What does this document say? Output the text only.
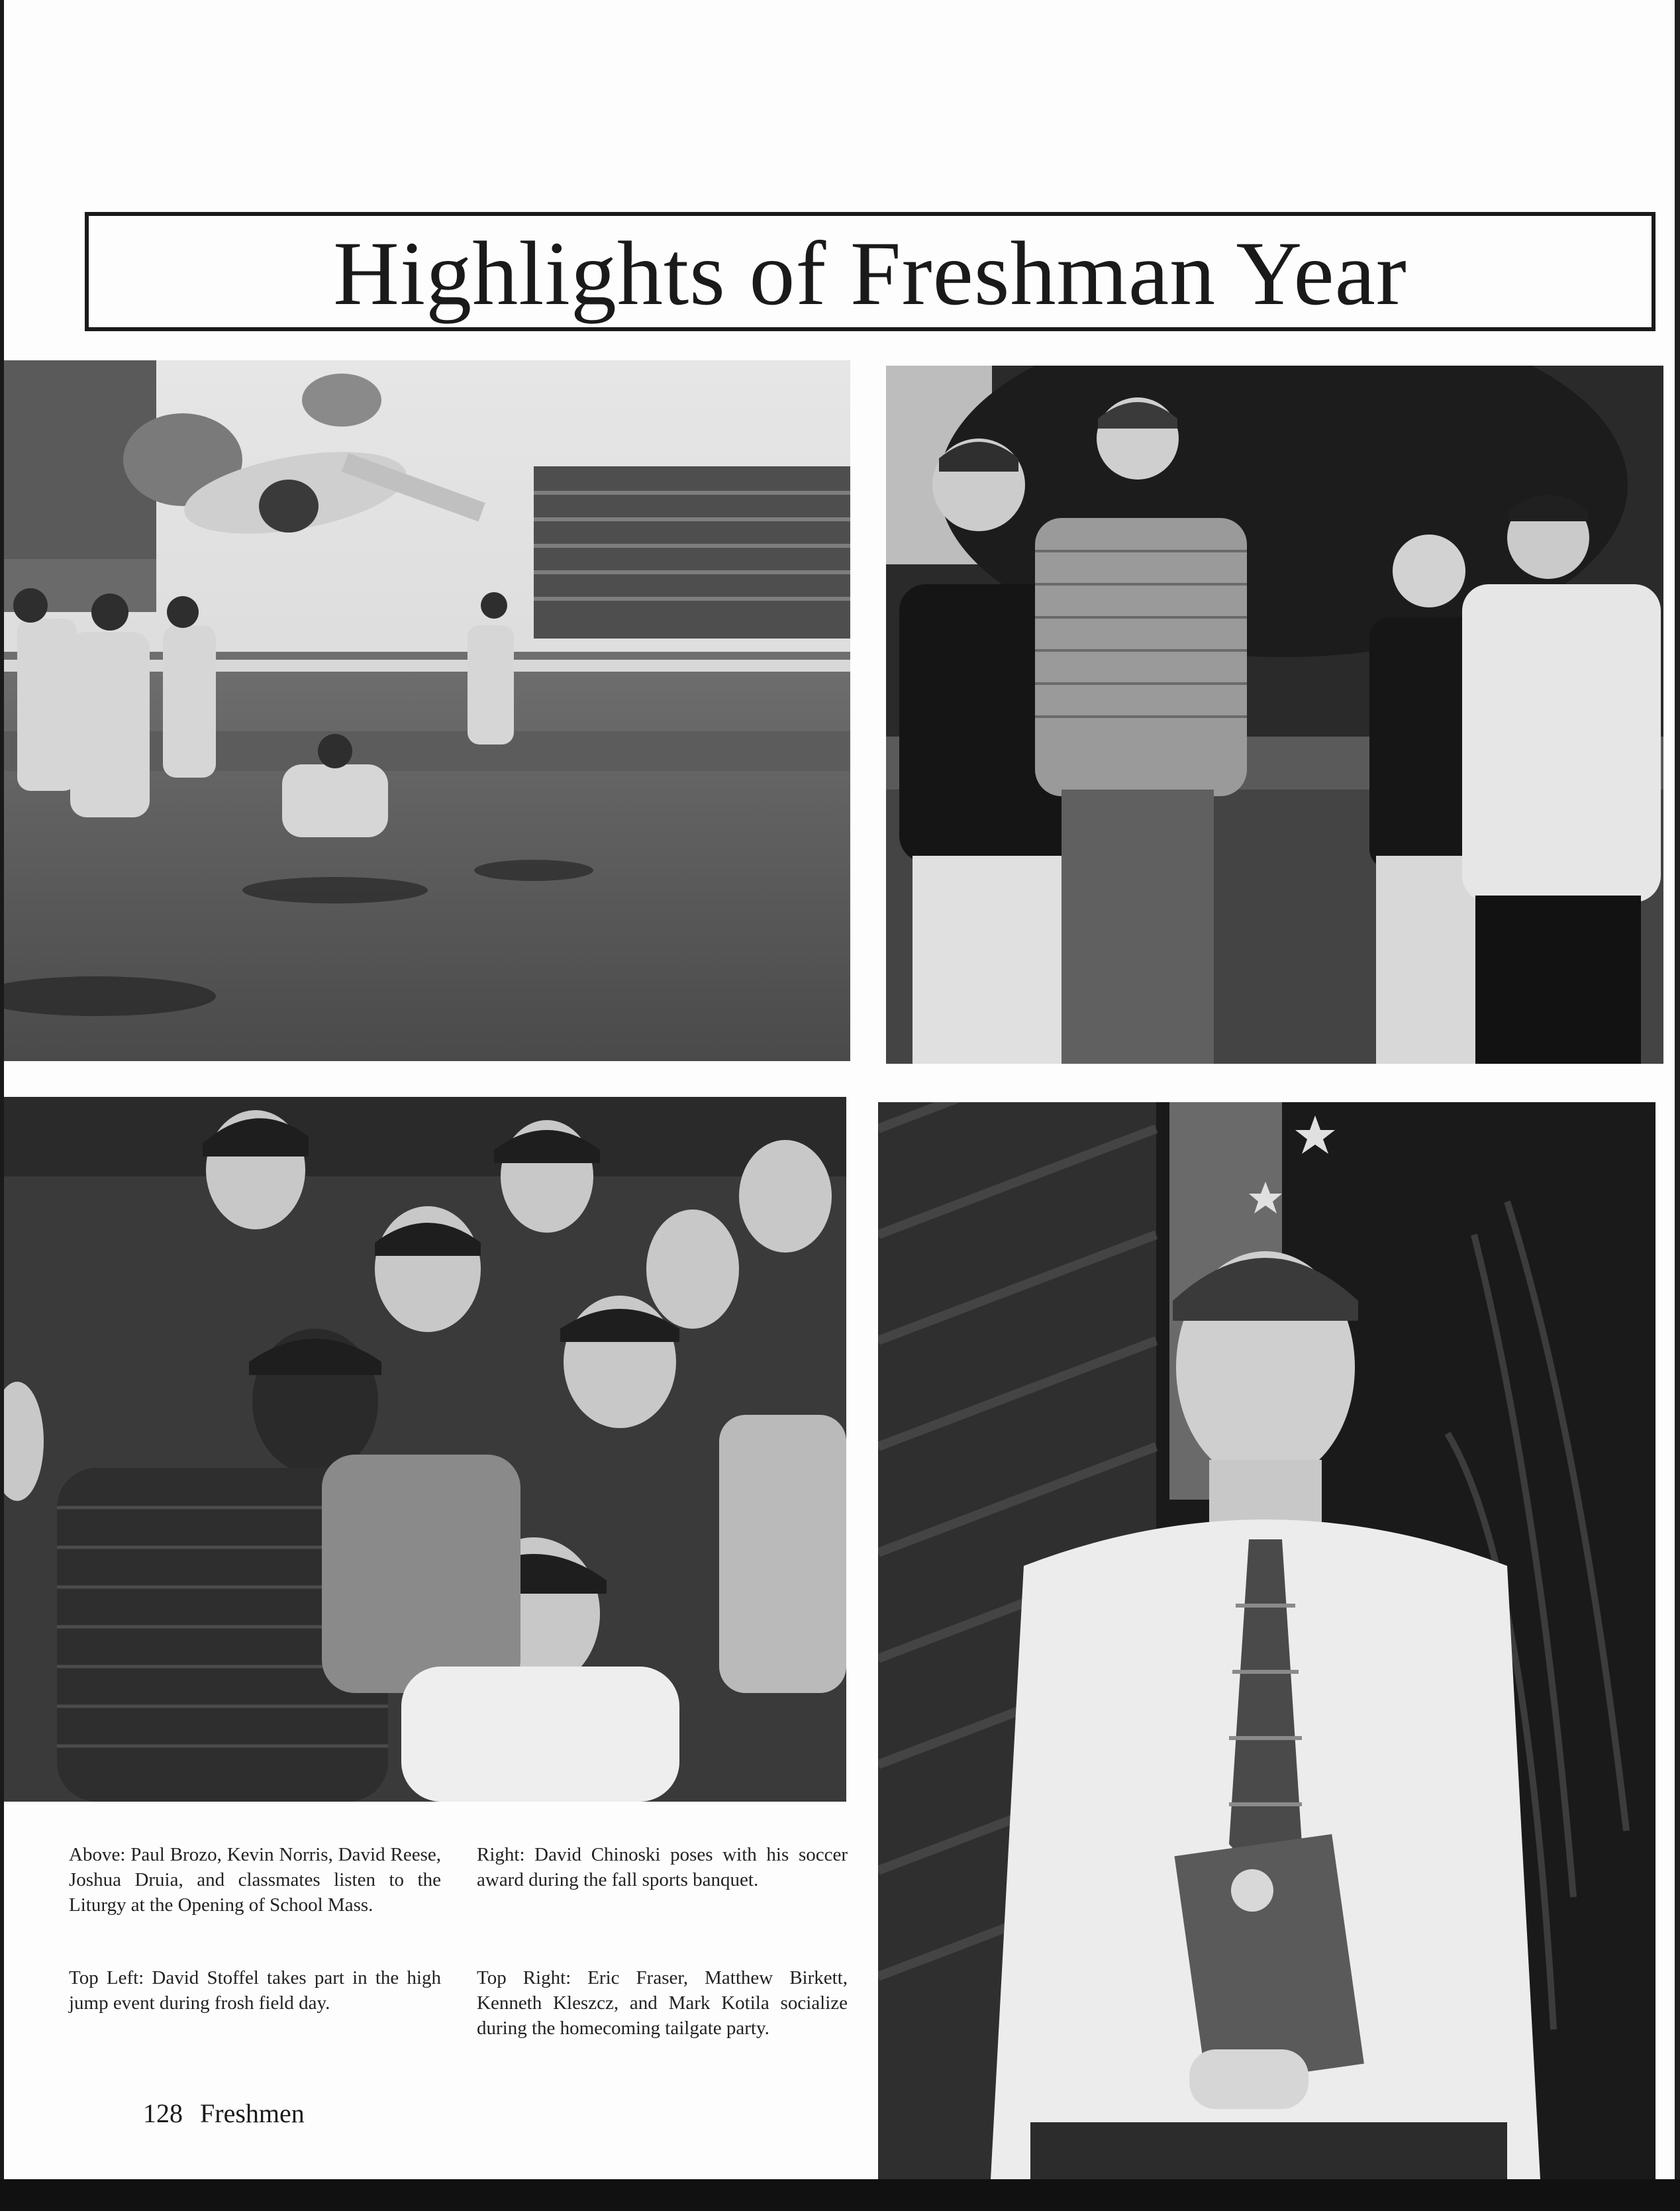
Highlights of Freshman Year

Above: Paul Brozo, Kevin Norris, David Reese, Joshua Druia, and classmates listen to the Liturgy at the Opening of School Mass.

Top Left: David Stoffel takes part in the high jump event during frosh field day.

Right: David Chinoski poses with his soccer award during the fall sports banquet.

Top Right: Eric Fraser, Matthew Birkett, Kenneth Kleszcz, and Mark Kotila socialize during the homecoming tailgate party.

128 Freshmen
